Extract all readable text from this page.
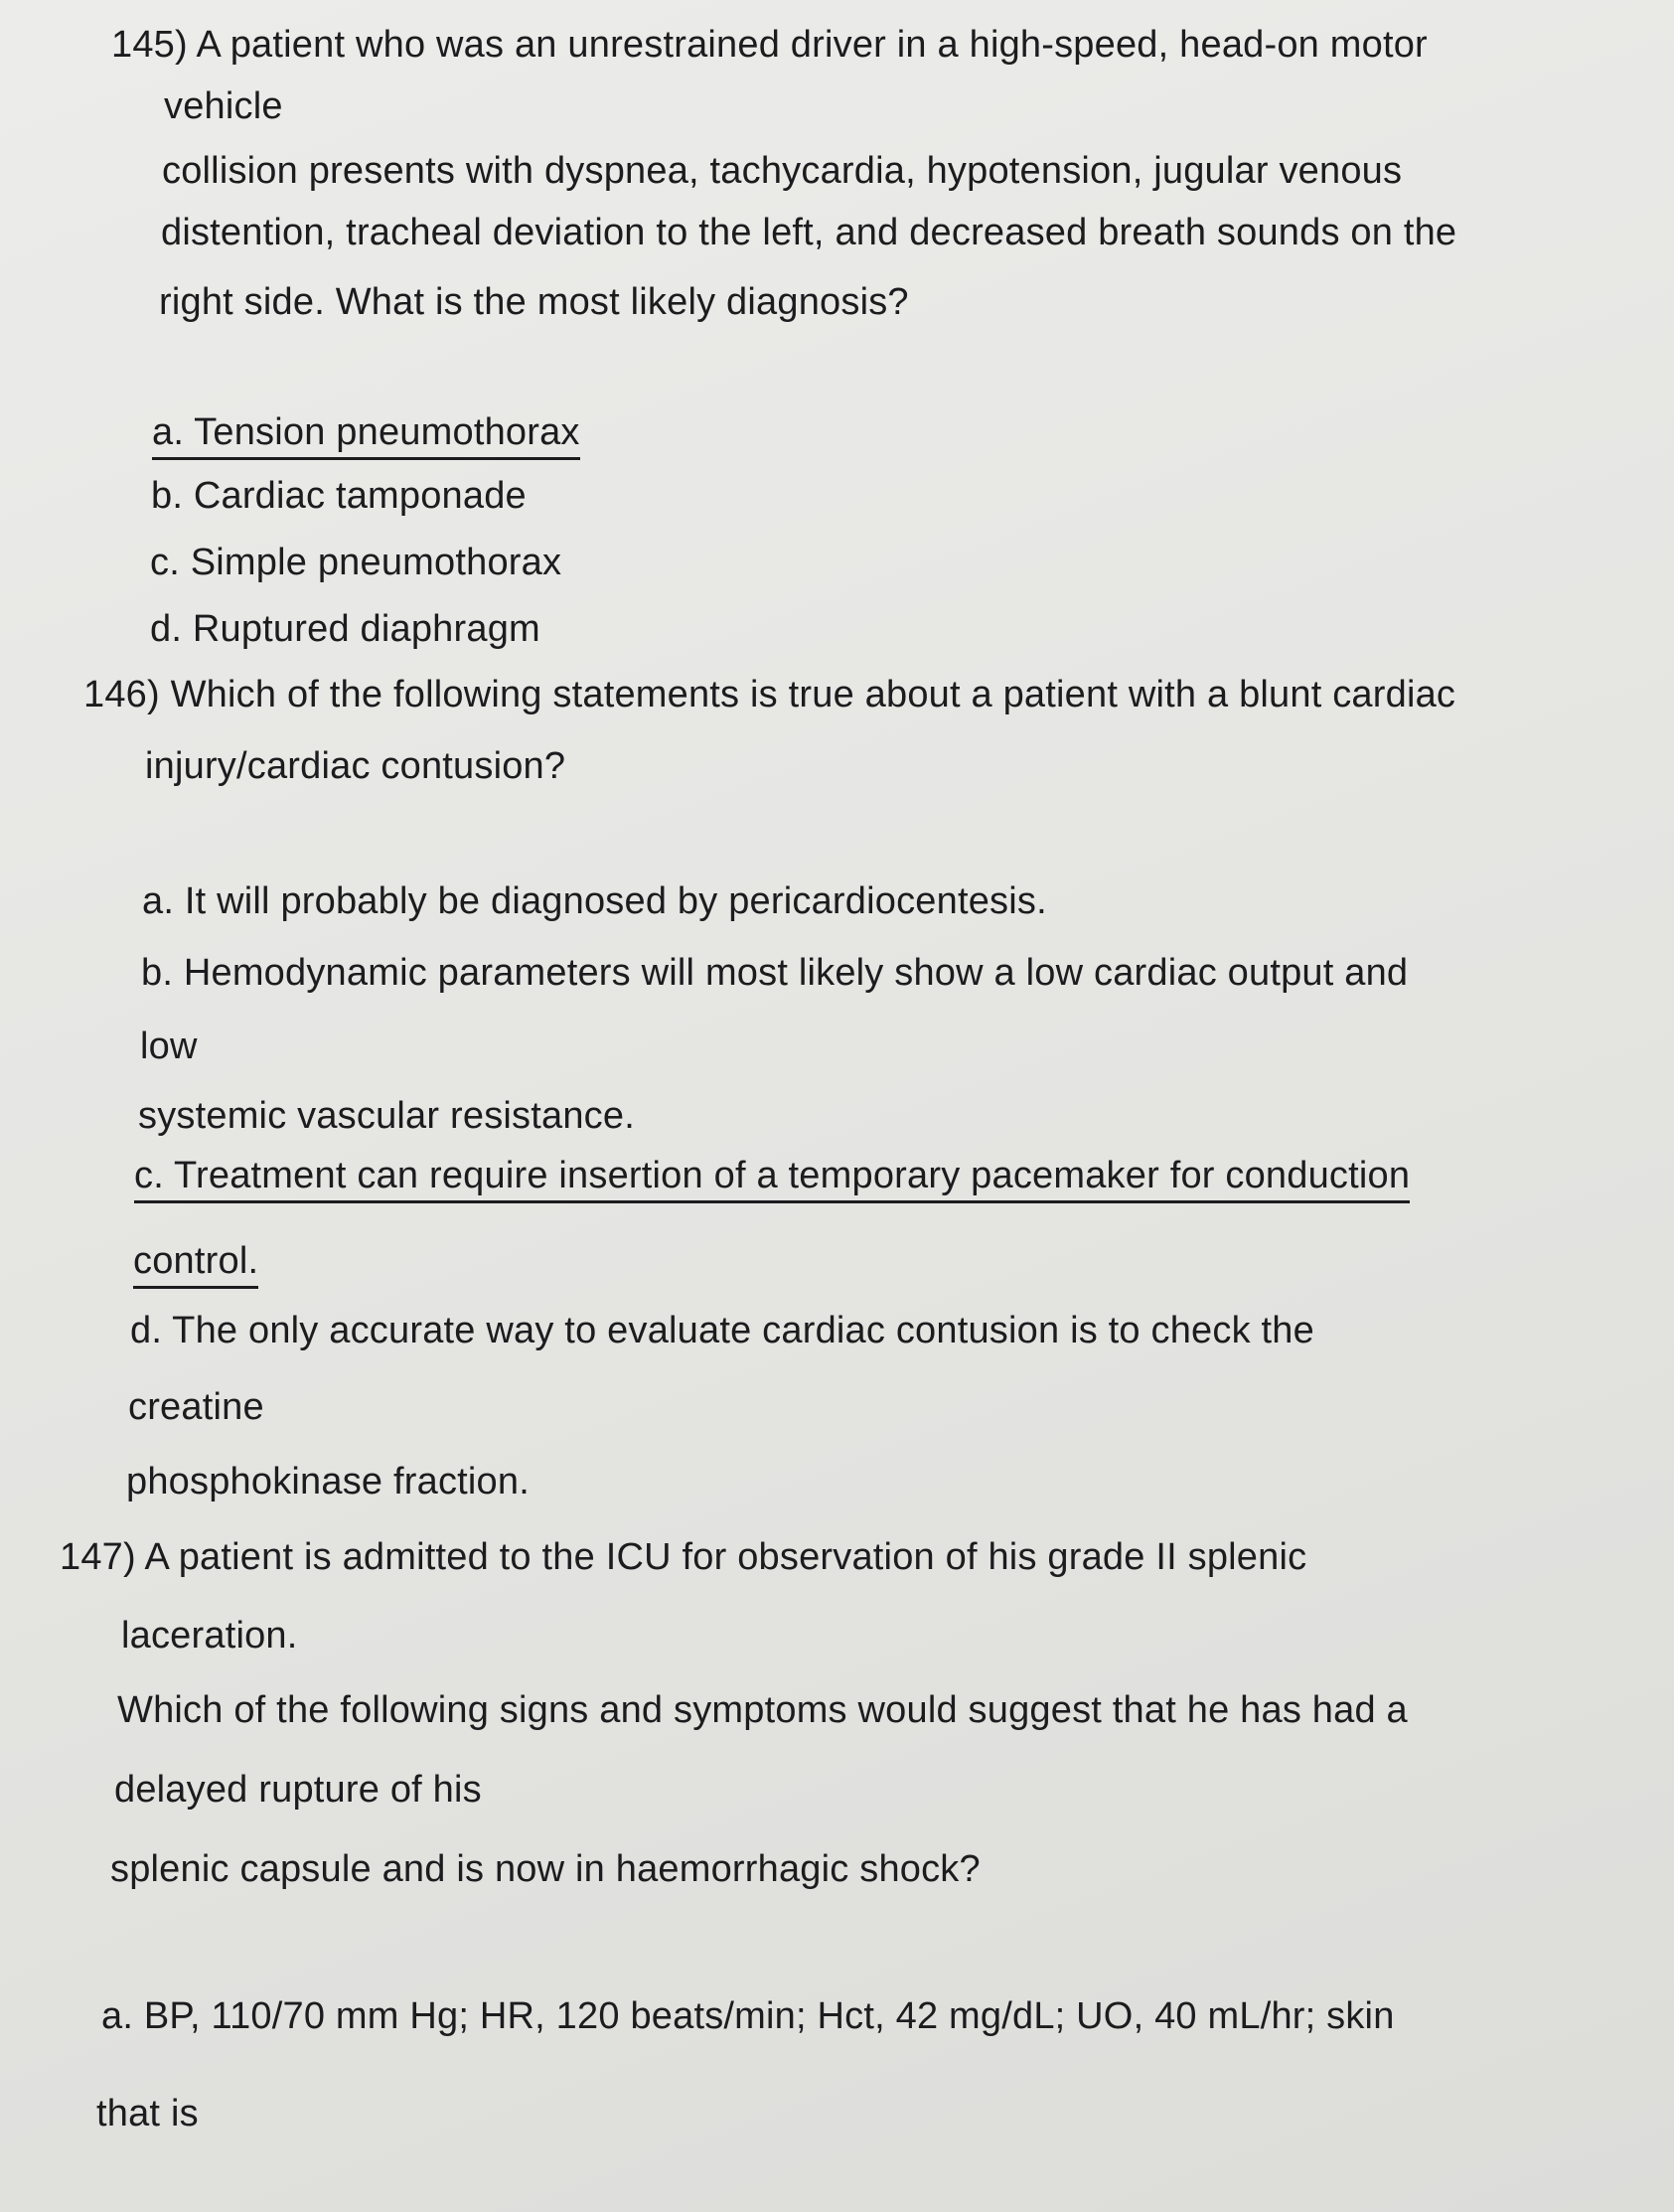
145) A patient who was an unrestrained driver in a high-speed, head-on motor
vehicle
collision presents with dyspnea, tachycardia, hypotension, jugular venous
distention, tracheal deviation to the left, and decreased breath sounds on the
right side. What is the most likely diagnosis?
a. Tension pneumothorax
b. Cardiac tamponade
c. Simple pneumothorax
d. Ruptured diaphragm
146) Which of the following statements is true about a patient with a blunt cardiac
injury/cardiac contusion?
a. It will probably be diagnosed by pericardiocentesis.
b. Hemodynamic parameters will most likely show a low cardiac output and
low
systemic vascular resistance.
c. Treatment can require insertion of a temporary pacemaker for conduction
control.
d. The only accurate way to evaluate cardiac contusion is to check the
creatine
phosphokinase fraction.
147) A patient is admitted to the ICU for observation of his grade II splenic
laceration.
Which of the following signs and symptoms would suggest that he has had a
delayed rupture of his
splenic capsule and is now in haemorrhagic shock?
a. BP, 110/70 mm Hg; HR, 120 beats/min; Hct, 42 mg/dL; UO, 40 mL/hr; skin
that is
